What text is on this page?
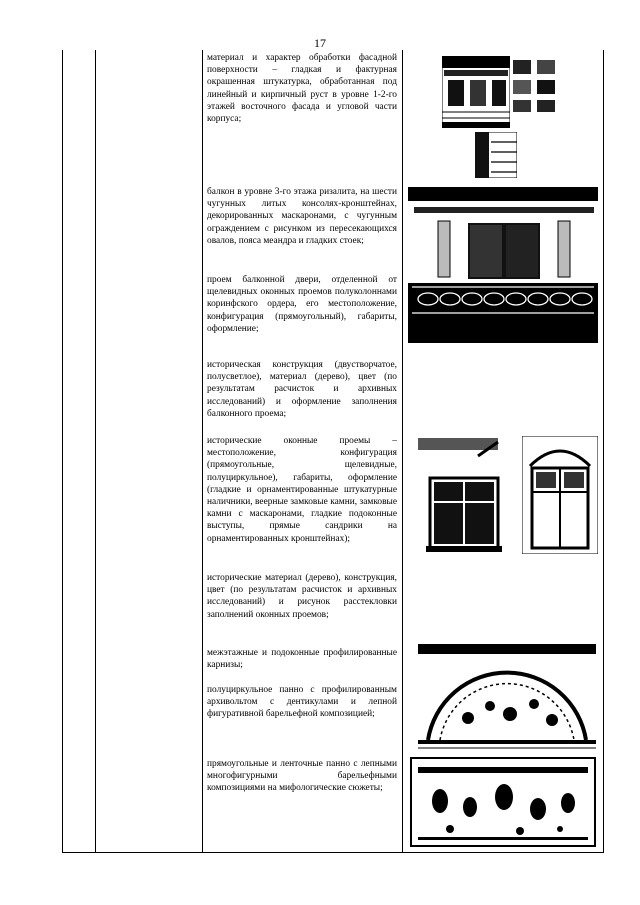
17
материал и характер обработки фасадной поверхности – гладкая и фактурная окрашенная штукатурка, обработанная под линейный и кирпичный руст в уровне 1-2-го этажей восточного фасада и угловой части корпуса;
балкон в уровне 3-го этажа ризалита, на шести чугунных литых консолях-кронштейнах, декорированных маскаронами, с чугунным ограждением с рисунком из пересекающихся овалов, пояса меандра и гладких стоек;
проем балконной двери, отделенной от щелевидных оконных проемов полуколоннами коринфского ордера, его местоположение, конфигурация (прямоугольный), габариты, оформление;
историческая конструкция (двустворчатое, полусветлое), материал (дерево), цвет (по результатам расчисток и архивных исследований) и оформление заполнения балконного проема;
исторические оконные проемы – местоположение, конфигурация (прямоугольные, щелевидные, полуциркульное), габариты, оформление (гладкие и орнаментированные штукатурные наличники, веерные замковые камни, замковые камни с маскаронами, гладкие подоконные выступы, прямые сандрики на орнаментированных кронштейнах);
исторические материал (дерево), конструкция, цвет (по результатам расчисток и архивных исследований) и рисунок расстекловки заполнений оконных проемов;
межэтажные и подоконные профилированные карнизы;
полуциркульное панно с профилированным архивольтом с дентикулами и лепной фигуративной барельефной композицией;
прямоугольные и ленточные панно с лепными многофигурными барельефными композициями на мифологические сюжеты;
